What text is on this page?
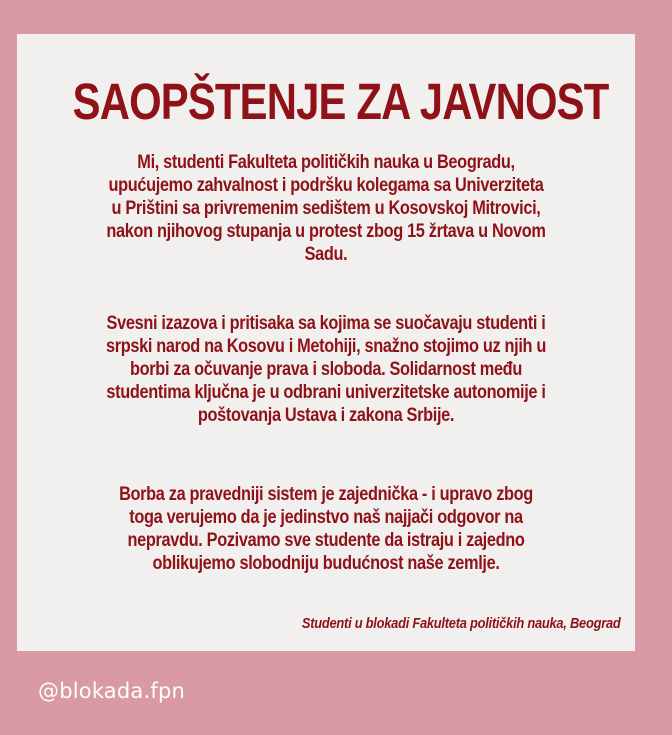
SAOPŠTENJE ZA JAVNOST
Mi, studenti Fakulteta političkih nauka u Beogradu,
upućujemo zahvalnost i podršku kolegama sa Univerziteta
u Prištini sa privremenim sedištem u Kosovskoj Mitrovici,
nakon njihovog stupanja u protest zbog 15 žrtava u Novom
Sadu.
Svesni izazova i pritisaka sa kojima se suočavaju studenti i
srpski narod na Kosovu i Metohiji, snažno stojimo uz njih u
borbi za očuvanje prava i sloboda. Solidarnost među
studentima ključna je u odbrani univerzitetske autonomije i
poštovanja Ustava i zakona Srbije.
Borba za pravedniji sistem je zajednička - i upravo zbog
toga verujemo da je jedinstvo naš najjači odgovor na
nepravdu. Pozivamo sve studente da istraju i zajedno
oblikujemo slobodniju budućnost naše zemlje.
Studenti u blokadi Fakulteta političkih nauka, Beograd
@blokada.fpn
